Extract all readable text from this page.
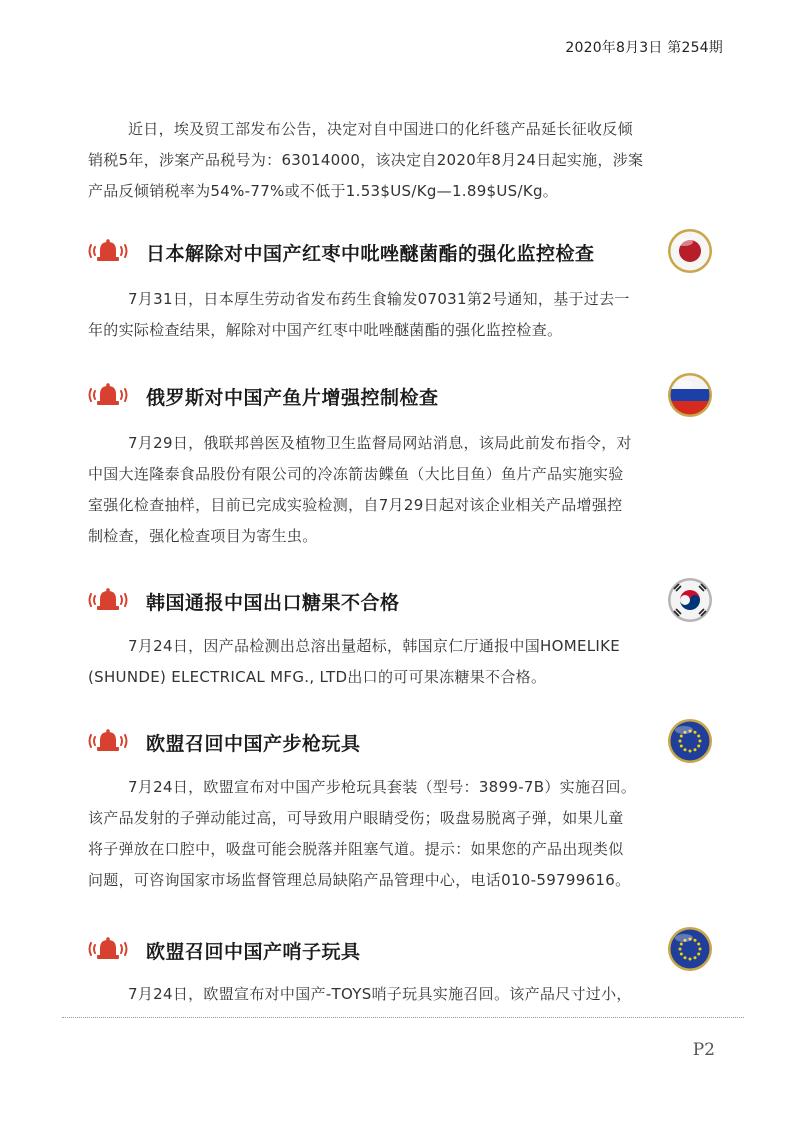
2020年8月3日 第254期

近日，埃及贸工部发布公告，决定对自中国进口的化纤毯产品延长征收反倾
销税5年，涉案产品税号为：63014000，该决定自2020年8月24日起实施，涉案
产品反倾销税率为54%-77%或不低于1.53$US/Kg—1.89$US/Kg。

日本解除对中国产红枣中吡唑醚菌酯的强化监控检查

7月31日，日本厚生劳动省发布药生食输发07031第2号通知，基于过去一
年的实际检查结果，解除对中国产红枣中吡唑醚菌酯的强化监控检查。

俄罗斯对中国产鱼片增强控制检查

7月29日，俄联邦兽医及植物卫生监督局网站消息，该局此前发布指令，对
中国大连隆泰食品股份有限公司的冷冻箭齿鲽鱼（大比目鱼）鱼片产品实施实验
室强化检查抽样，目前已完成实验检测，自7月29日起对该企业相关产品增强控
制检查，强化检查项目为寄生虫。

韩国通报中国出口糖果不合格

7月24日，因产品检测出总溶出量超标，韩国京仁厅通报中国HOMELIKE
(SHUNDE) ELECTRICAL MFG., LTD出口的可可果冻糖果不合格。

欧盟召回中国产步枪玩具

7月24日，欧盟宣布对中国产步枪玩具套装（型号：3899-7B）实施召回。
该产品发射的子弹动能过高，可导致用户眼睛受伤；吸盘易脱离子弹，如果儿童
将子弹放在口腔中，吸盘可能会脱落并阻塞气道。提示：如果您的产品出现类似
问题，可咨询国家市场监督管理总局缺陷产品管理中心，电话010-59799616。

欧盟召回中国产哨子玩具

7月24日，欧盟宣布对中国产-TOYS哨子玩具实施召回。该产品尺寸过小，

P2
